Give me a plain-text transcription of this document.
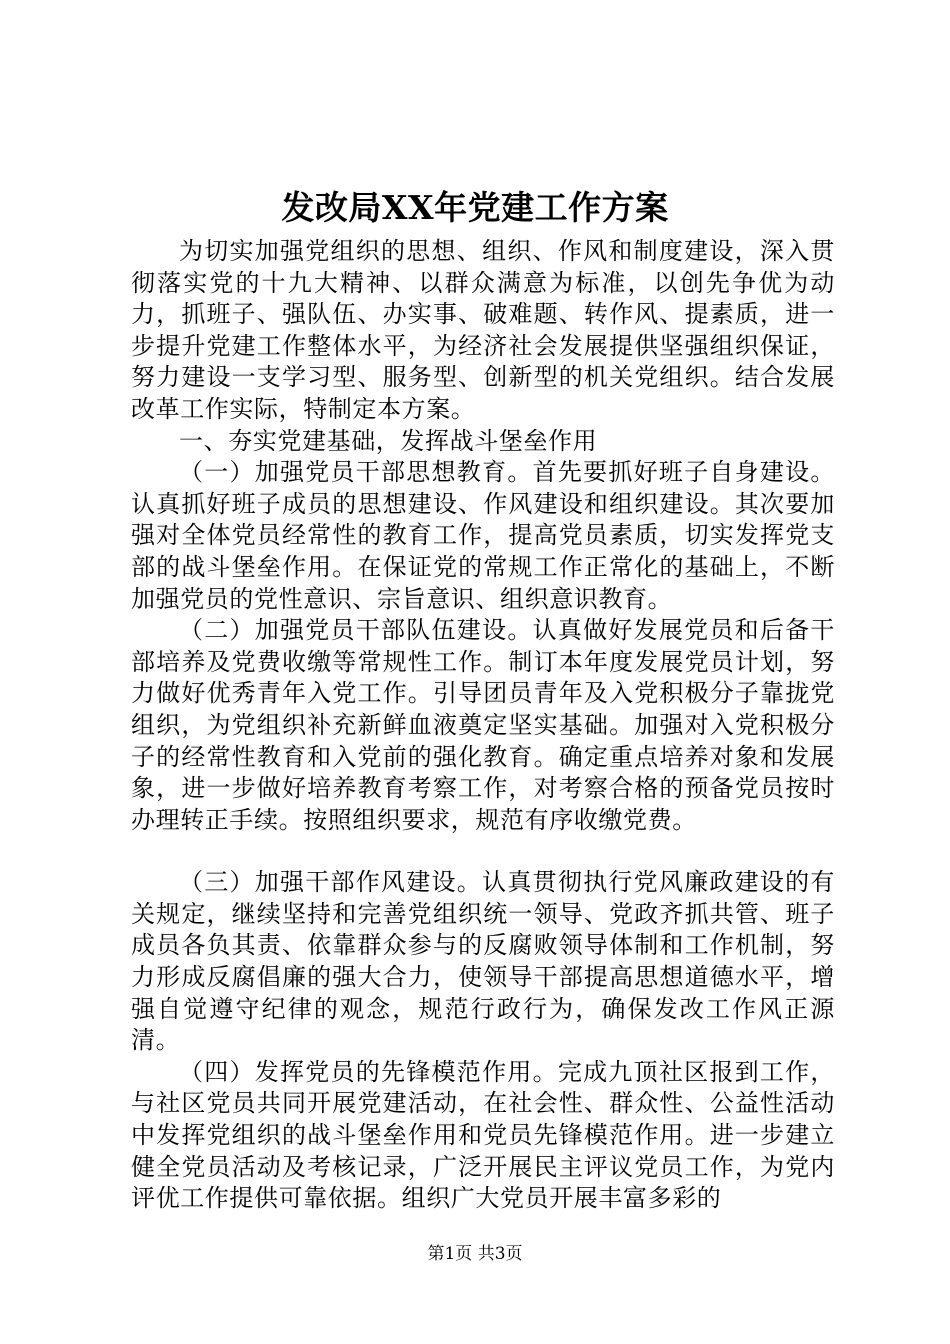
发改局XX年党建工作方案

为切实加强党组织的思想、组织、作风和制度建设，深入贯彻落实党的十九大精神、以群众满意为标准，以创先争优为动力，抓班子、强队伍、办实事、破难题、转作风、提素质，进一步提升党建工作整体水平，为经济社会发展提供坚强组织保证，努力建设一支学习型、服务型、创新型的机关党组织。结合发展改革工作实际，特制定本方案。

一、夯实党建基础，发挥战斗堡垒作用

（一）加强党员干部思想教育。首先要抓好班子自身建设。认真抓好班子成员的思想建设、作风建设和组织建设。其次要加强对全体党员经常性的教育工作，提高党员素质，切实发挥党支部的战斗堡垒作用。在保证党的常规工作正常化的基础上，不断加强党员的党性意识、宗旨意识、组织意识教育。

（二）加强党员干部队伍建设。认真做好发展党员和后备干部培养及党费收缴等常规性工作。制订本年度发展党员计划，努力做好优秀青年入党工作。引导团员青年及入党积极分子靠拢党组织，为党组织补充新鲜血液奠定坚实基础。加强对入党积极分子的经常性教育和入党前的强化教育。确定重点培养对象和发展象，进一步做好培养教育考察工作，对考察合格的预备党员按时办理转正手续。按照组织要求，规范有序收缴党费。

（三）加强干部作风建设。认真贯彻执行党风廉政建设的有关规定，继续坚持和完善党组织统一领导、党政齐抓共管、班子成员各负其责、依靠群众参与的反腐败领导体制和工作机制，努力形成反腐倡廉的强大合力，使领导干部提高思想道德水平，增强自觉遵守纪律的观念，规范行政行为，确保发改工作风正源清。

（四）发挥党员的先锋模范作用。完成九顶社区报到工作，与社区党员共同开展党建活动，在社会性、群众性、公益性活动中发挥党组织的战斗堡垒作用和党员先锋模范作用。进一步建立健全党员活动及考核记录，广泛开展民主评议党员工作，为党内评优工作提供可靠依据。组织广大党员开展丰富多彩的

第1页 共3页
